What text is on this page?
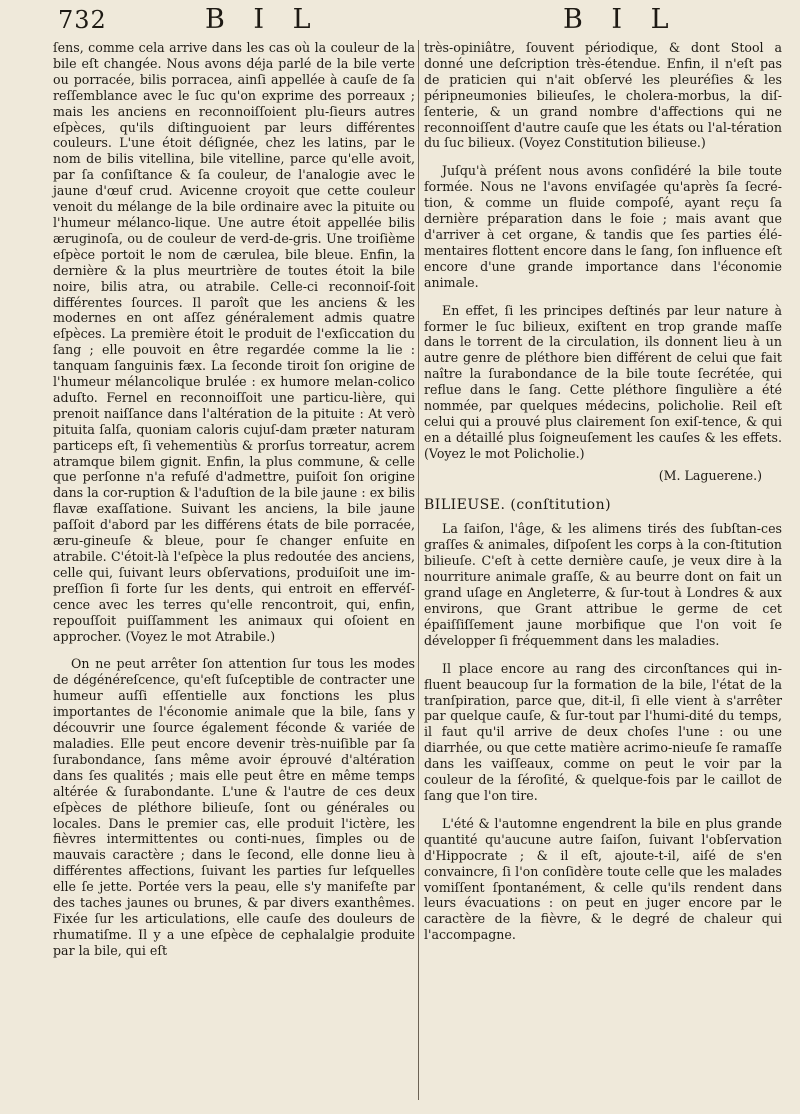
732	B I L	B I L

ſens, comme cela arrive dans les cas où la couleur de la bile eſt changée. Nous avons déja parlé de la bile verte ou porracée, bilis porracea, ainſi appellée à cauſe de ſa reſſemblance avec le ſuc qu'on exprime des porreaux ; mais les anciens en reconnoiſſoient plu-ſieurs autres eſpèces, qu'ils diſtinguoient par leurs différentes couleurs. L'une étoit déſignée, chez les latins, par le nom de bilis vitellina, bile vitelline, parce qu'elle avoit, par ſa conſiſtance & ſa couleur, de l'analogie avec le jaune d'œuf crud. Avicenne croyoit que cette couleur venoit du mélange de la bile ordinaire avec la pituite ou l'humeur mélanco-lique. Une autre étoit appellée bilis æruginoſa, ou de couleur de verd-de-gris. Une troiſième eſpèce portoit le nom de cærulea, bile bleue. Enfin, la dernière & la plus meurtrière de toutes étoit la bile noire, bilis atra, ou atrabile. Celle-ci reconnoiſ-ſoit différentes ſources. Il paroît que les anciens & les modernes en ont aſſez généralement admis quatre eſpèces. La première étoit le produit de l'exſiccation du ſang ; elle pouvoit en être regardée comme la lie : tanquam ſanguinis fæx. La ſeconde tiroit ſon origine de l'humeur mélancolique brulée : ex humore melan-colico aduſto. Fernel en reconnoiſſoit une particu-lière, qui prenoit naiſſance dans l'altération de la pituite : At verò pituita ſalſa, quoniam caloris cujuſ-dam præter naturam particeps eſt, ſi vehementiùs & prorſus torreatur, acrem atramque bilem gignit. Enfin, la plus commune, & celle que perſonne n'a refuſé d'admettre, puiſoit ſon origine dans la cor-ruption & l'aduſtion de la bile jaune : ex bilis flavæ exaſſatione. Suivant les anciens, la bile jaune paſſoit d'abord par les différens états de bile porracée, æru-gineuſe & bleue, pour ſe changer enſuite en atrabile. C'étoit-là l'eſpèce la plus redoutée des anciens, celle qui, ſuivant leurs obſervations, produiſoit une im-preſſion ſi forte ſur les dents, qui entroit en effervéſ-cence avec les terres qu'elle rencontroit, qui, enfin, repouſſoit puiſſamment les animaux qui oſoient en approcher. (Voyez le mot Atrabile.)

On ne peut arrêter ſon attention ſur tous les modes de dégénéreſcence, qu'eſt ſuſceptible de contracter une humeur auſſi eſſentielle aux fonctions les plus importantes de l'économie animale que la bile, ſans y découvrir une ſource également féconde & variée de maladies. Elle peut encore devenir très-nuiſible par ſa ſurabondance, ſans même avoir éprouvé d'altération dans ſes qualités ; mais elle peut être en même temps altérée & ſurabondante. L'une & l'autre de ces deux eſpèces de pléthore bilieuſe, ſont ou générales ou locales. Dans le premier cas, elle produit l'ictère, les fièvres intermittentes ou conti-nues, ſimples ou de mauvais caractère ; dans le ſecond, elle donne lieu à différentes affections, ſuivant les parties ſur leſquelles elle ſe jette. Portée vers la peau, elle s'y manifeſte par des taches jaunes ou brunes, & par divers exanthêmes. Fixée ſur les articulations, elle cauſe des douleurs de rhumatiſme. Il y a une eſpèce de cephalalgie produite par la bile, qui eſt

très-opiniâtre, ſouvent périodique, & dont Stool a donné une deſcription très-étendue. Enfin, il n'eſt pas de praticien qui n'ait obſervé les pleuréſies & les péripneumonies bilieuſes, le cholera-morbus, la diſ-ſenterie, & un grand nombre d'affections qui ne reconnoiſſent d'autre cauſe que les états ou l'al-tération du ſuc bilieux. (Voyez Constitution bilieuse.)

Juſqu'à préſent nous avons conſidéré la bile toute formée. Nous ne l'avons enviſagée qu'après ſa ſecré-tion, & comme un fluide compoſé, ayant reçu ſa dernière préparation dans le foie ; mais avant que d'arriver à cet organe, & tandis que ſes parties élé-mentaires flottent encore dans le ſang, ſon influence eſt encore d'une grande importance dans l'économie animale.

En effet, ſi les principes deſtinés par leur nature à former le ſuc bilieux, exiſtent en trop grande maſſe dans le torrent de la circulation, ils donnent lieu à un autre genre de pléthore bien différent de celui que fait naître la ſurabondance de la bile toute ſecrétée, qui reflue dans le ſang. Cette pléthore ſingulière a été nommée, par quelques médecins, policholie. Reil eſt celui qui a prouvé plus clairement ſon exiſ-tence, & qui en a détaillé plus ſoigneuſement les cauſes & les effets. (Voyez le mot Policholie.)

(M. Laguerene.)

BILIEUSE. (conſtitution)

La ſaiſon, l'âge, & les alimens tirés des ſubſtan-ces graſſes & animales, diſpoſent les corps à la con-ſtitution bilieuſe. C'eſt à cette dernière cauſe, je veux dire à la nourriture animale graſſe, & au beurre dont on fait un grand uſage en Angleterre, & ſur-tout à Londres & aux environs, que Grant attribue le germe de cet épaiſſiſſement jaune morbifique que l'on voit ſe développer ſi fréquemment dans les maladies.

Il place encore au rang des circonſtances qui in-fluent beaucoup ſur la formation de la bile, l'état de la tranſpiration, parce que, dit-il, ſi elle vient à s'arrêter par quelque cauſe, & ſur-tout par l'humi-dité du temps, il faut qu'il arrive de deux choſes l'une : ou une diarrhée, ou que cette matière acrimo-nieuſe ſe ramaſſe dans les vaiſſeaux, comme on peut le voir par la couleur de la ſéroſité, & quelque-fois par le caillot de ſang que l'on tire.

L'été & l'automne engendrent la bile en plus grande quantité qu'aucune autre ſaiſon, ſuivant l'obſervation d'Hippocrate ; & il eſt, ajoute-t-il, aiſé de s'en convaincre, ſi l'on conſidère toute celle que les malades vomiſſent ſpontanément, & celle qu'ils rendent dans leurs évacuations : on peut en juger encore par le caractère de la fièvre, & le degré de chaleur qui l'accompagne.
